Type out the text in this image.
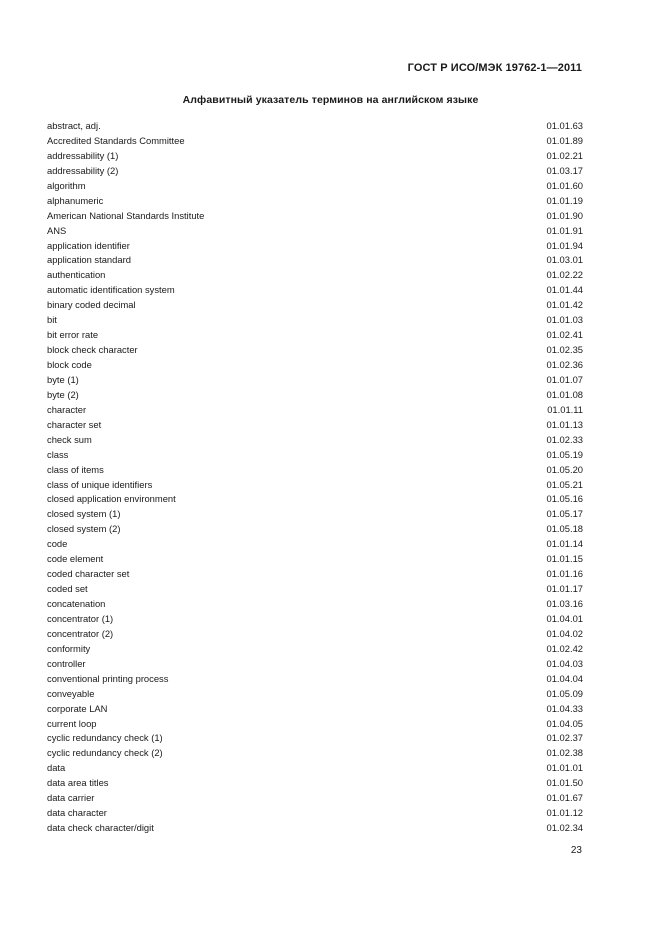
ГОСТ Р ИСО/МЭК 19762-1—2011
Алфавитный указатель терминов на английском языке
abstract, adj.	01.01.63
Accredited Standards Committee	01.01.89
addressability (1)	01.02.21
addressability (2)	01.03.17
algorithm	01.01.60
alphanumeric	01.01.19
American National Standards Institute	01.01.90
ANS	01.01.91
application identifier	01.01.94
application standard	01.03.01
authentication	01.02.22
automatic identification system	01.01.44
binary coded decimal	01.01.42
bit	01.01.03
bit error rate	01.02.41
block check character	01.02.35
block code	01.02.36
byte (1)	01.01.07
byte (2)	01.01.08
character	01.01.11
character set	01.01.13
check sum	01.02.33
class	01.05.19
class of items	01.05.20
class of unique identifiers	01.05.21
closed application environment	01.05.16
closed system (1)	01.05.17
closed system (2)	01.05.18
code	01.01.14
code element	01.01.15
coded character set	01.01.16
coded set	01.01.17
concatenation	01.03.16
concentrator (1)	01.04.01
concentrator (2)	01.04.02
conformity	01.02.42
controller	01.04.03
conventional printing process	01.04.04
conveyable	01.05.09
corporate LAN	01.04.33
current loop	01.04.05
cyclic redundancy check (1)	01.02.37
cyclic redundancy check (2)	01.02.38
data	01.01.01
data area titles	01.01.50
data carrier	01.01.67
data character	01.01.12
data check character/digit	01.02.34
23
